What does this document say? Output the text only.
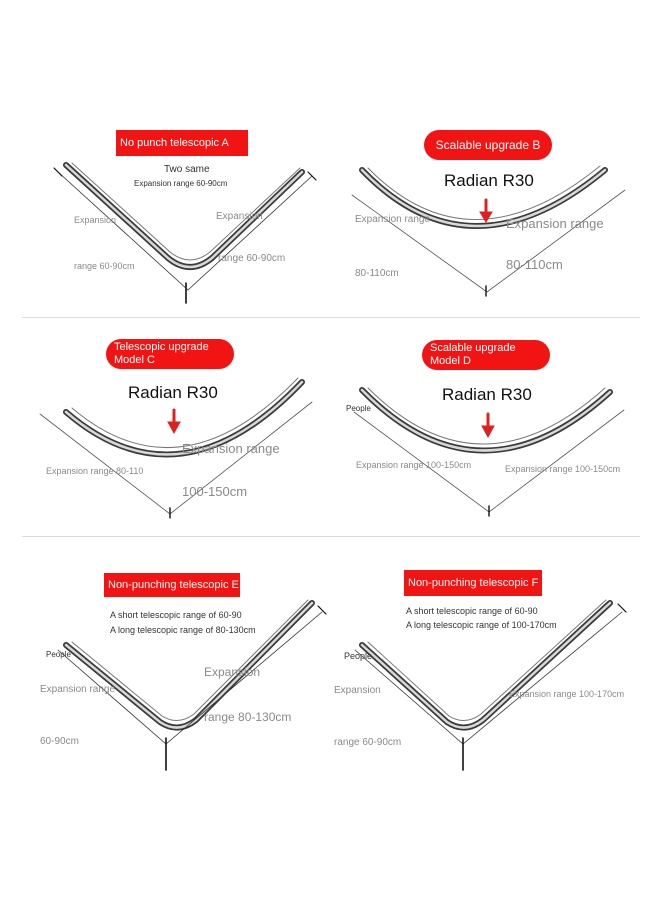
No punch telescopic A
Two same
Expansion range 60-90cm
Expansion
range 60-90cm
Expansion
range 60-90cm
Scalable upgrade B
Radian R30
Expansion range
80-110cm
Expansion range
80-110cm
Telescopic upgrade
Model C
Radian R30
Expansion range 80-110
Expansion range
100-150cm
Scalable upgrade
Model D
Radian R30
People
Expansion range 100-150cm	Expansion range 100-150cm
Non-punching telescopic E
A short telescopic range of 60-90
A long telescopic range of 80-130cm
People
Expansion range
60-90cm
Expansion
range 80-130cm
Non-punching telescopic F
A short telescopic range of 60-90
A long telescopic range of 100-170cm
People
Expansion
range 60-90cm
Expansion range 100-170cm
